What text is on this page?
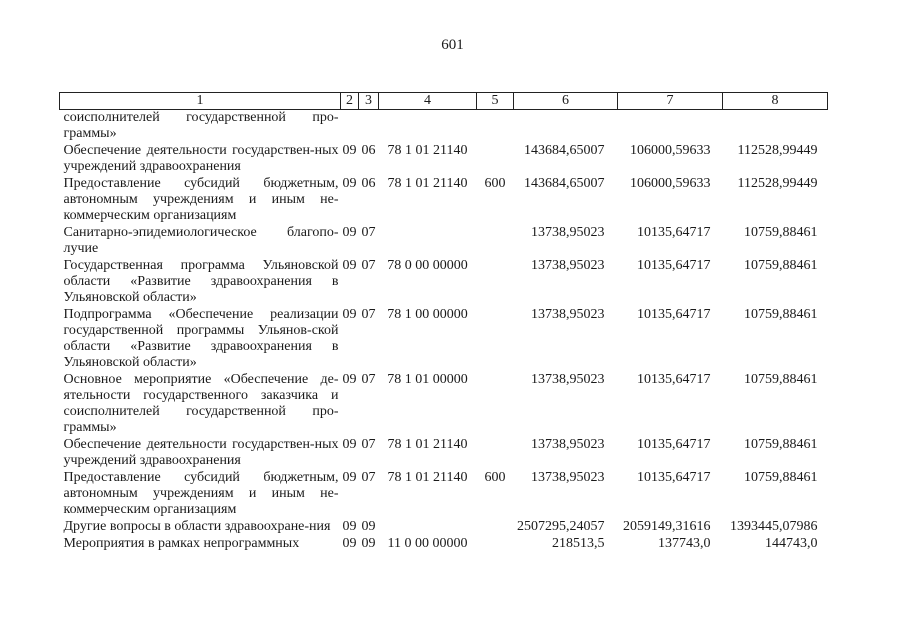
601
1	2	3	4	5	6	7	8
соисполнителей государственной про-граммы»							
Обеспечение деятельности государствен-ных учреждений здравоохранения	09	06	78 1 01 21140		143684,65007	106000,59633	112528,99449
Предоставление субсидий бюджетным, автономным учреждениям и иным не-коммерческим организациям	09	06	78 1 01 21140	600	143684,65007	106000,59633	112528,99449
Санитарно-эпидемиологическое благопо-лучие	09	07			13738,95023	10135,64717	10759,88461
Государственная программа Ульяновской области «Развитие здравоохранения в Ульяновской области»	09	07	78 0 00 00000		13738,95023	10135,64717	10759,88461
Подпрограмма «Обеспечение реализации государственной программы Ульянов-ской области «Развитие здравоохранения в Ульяновской области»	09	07	78 1 00 00000		13738,95023	10135,64717	10759,88461
Основное мероприятие «Обеспечение де-ятельности государственного заказчика и соисполнителей государственной про-граммы»	09	07	78 1 01 00000		13738,95023	10135,64717	10759,88461
Обеспечение деятельности государствен-ных учреждений здравоохранения	09	07	78 1 01 21140		13738,95023	10135,64717	10759,88461
Предоставление субсидий бюджетным, автономным учреждениям и иным не-коммерческим организациям	09	07	78 1 01 21140	600	13738,95023	10135,64717	10759,88461
Другие вопросы в области здравоохране-ния	09	09			2507295,24057	2059149,31616	1393445,07986
Мероприятия в рамках непрограммных	09	09	11 0 00 00000		218513,5	137743,0	144743,0
